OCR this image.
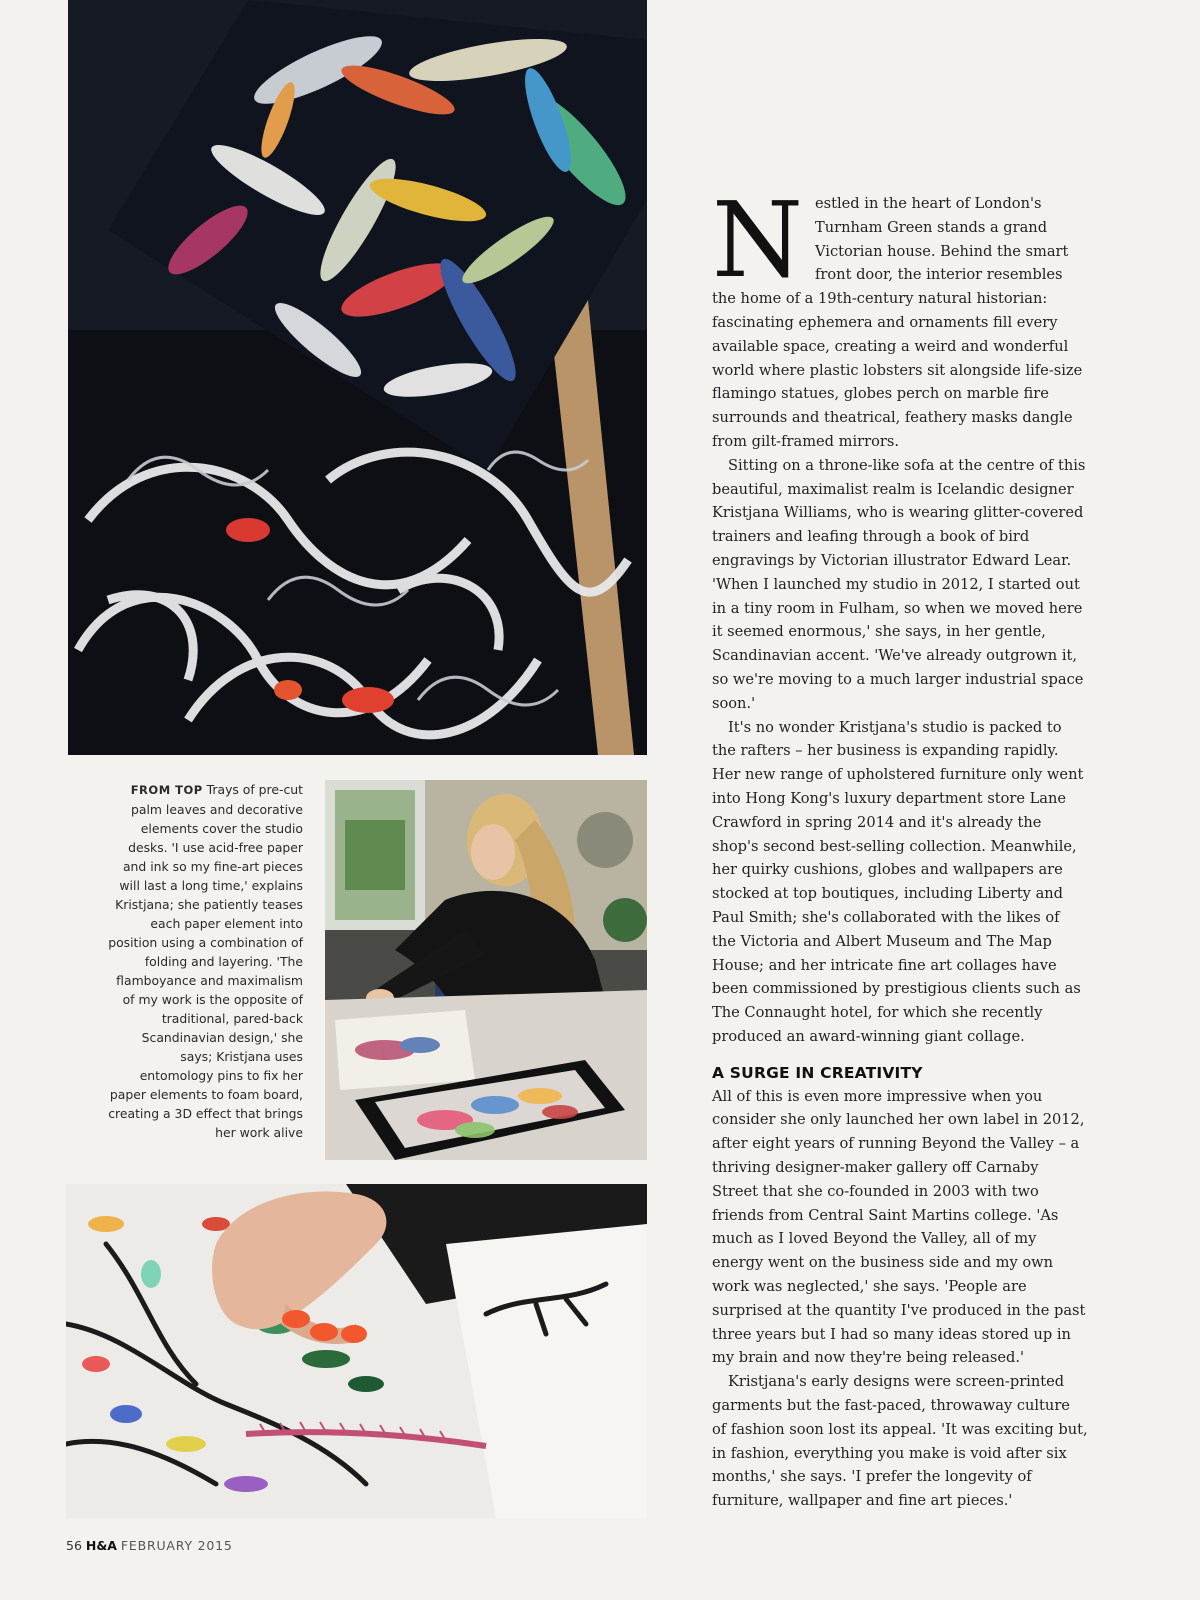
FROM TOP Trays of pre-cut palm leaves and decorative elements cover the studio desks. 'I use acid-free paper and ink so my fine-art pieces will last a long time,' explains Kristjana; she patiently teases each paper element into position using a combination of folding and layering. 'The flamboyance and maximalism of my work is the opposite of traditional, pared-back Scandinavian design,' she says; Kristjana uses entomology pins to fix her paper elements to foam board, creating a 3D effect that brings her work alive

Nestled in the heart of London's Turnham Green stands a grand Victorian house. Behind the smart front door, the interior resembles the home of a 19th-century natural historian: fascinating ephemera and ornaments fill every available space, creating a weird and wonderful world where plastic lobsters sit alongside life-size flamingo statues, globes perch on marble fire surrounds and theatrical, feathery masks dangle from gilt-framed mirrors.

Sitting on a throne-like sofa at the centre of this beautiful, maximalist realm is Icelandic designer Kristjana Williams, who is wearing glitter-covered trainers and leafing through a book of bird engravings by Victorian illustrator Edward Lear. 'When I launched my studio in 2012, I started out in a tiny room in Fulham, so when we moved here it seemed enormous,' she says, in her gentle, Scandinavian accent. 'We've already outgrown it, so we're moving to a much larger industrial space soon.'

It's no wonder Kristjana's studio is packed to the rafters – her business is expanding rapidly. Her new range of upholstered furniture only went into Hong Kong's luxury department store Lane Crawford in spring 2014 and it's already the shop's second best-selling collection. Meanwhile, her quirky cushions, globes and wallpapers are stocked at top boutiques, including Liberty and Paul Smith; she's collaborated with the likes of the Victoria and Albert Museum and The Map House; and her intricate fine art collages have been commissioned by prestigious clients such as The Connaught hotel, for which she recently produced an award-winning giant collage.

A SURGE IN CREATIVITY

All of this is even more impressive when you consider she only launched her own label in 2012, after eight years of running Beyond the Valley – a thriving designer-maker gallery off Carnaby Street that she co-founded in 2003 with two friends from Central Saint Martins college. 'As much as I loved Beyond the Valley, all of my energy went on the business side and my own work was neglected,' she says. 'People are surprised at the quantity I've produced in the past three years but I had so many ideas stored up in my brain and now they're being released.'

Kristjana's early designs were screen-printed garments but the fast-paced, throwaway culture of fashion soon lost its appeal. 'It was exciting but, in fashion, everything you make is void after six months,' she says. 'I prefer the longevity of furniture, wallpaper and fine art pieces.'

56 H&A FEBRUARY 2015
